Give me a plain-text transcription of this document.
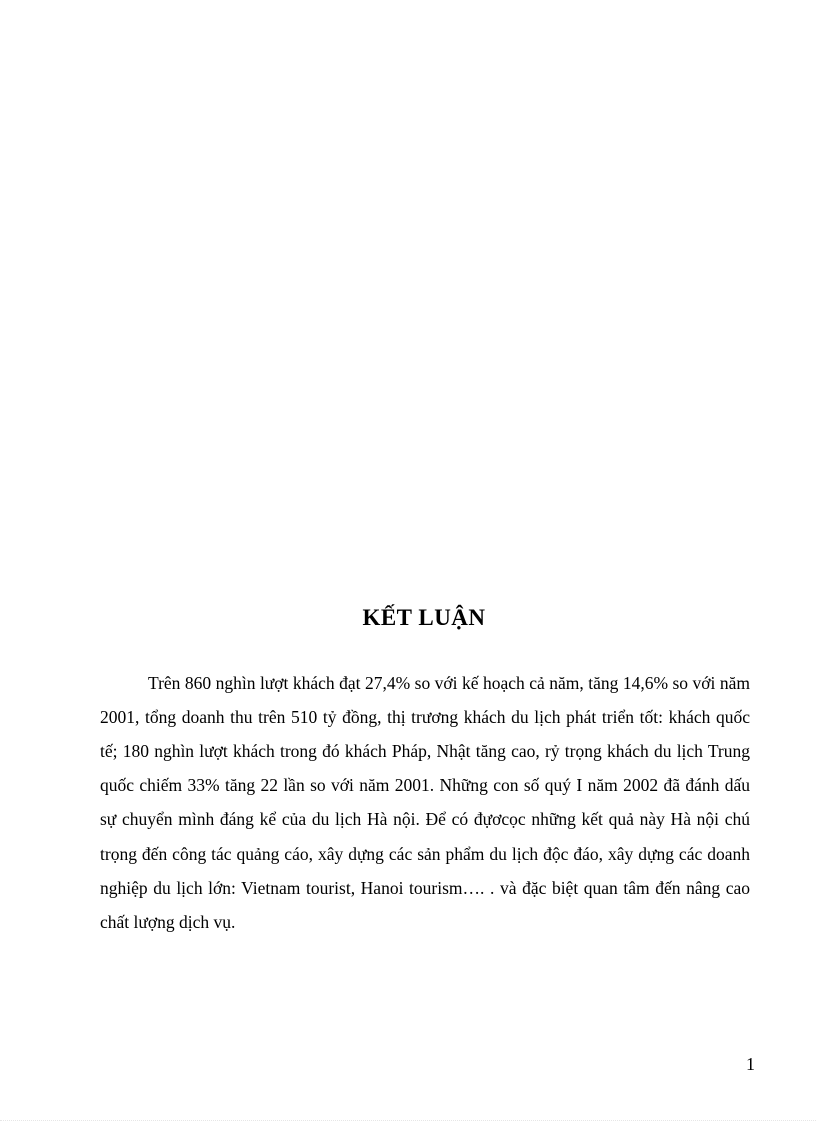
KẾT LUẬN

Trên 860 nghìn lượt khách đạt 27,4% so với kế hoạch cả năm, tăng 14,6% so với năm 2001, tổng doanh thu trên 510 tỷ đồng, thị trương khách du lịch phát triển tốt: khách quốc tế; 180 nghìn lượt khách trong đó khách Pháp, Nhật tăng cao, rỷ trọng khách du lịch Trung quốc chiếm 33% tăng 22 lần so với năm 2001. Những con số quý I năm 2002 đã đánh dấu sự chuyển mình đáng kể của du lịch Hà nội. Để có đựơcọc những kết quả này Hà nội chú trọng đến công tác quảng cáo, xây dựng các sản phẩm du lịch độc đáo, xây dựng các doanh nghiệp du lịch lớn: Vietnam tourist, Hanoi tourism…. . và đặc biệt quan tâm đến nâng cao chất lượng dịch vụ.

1
